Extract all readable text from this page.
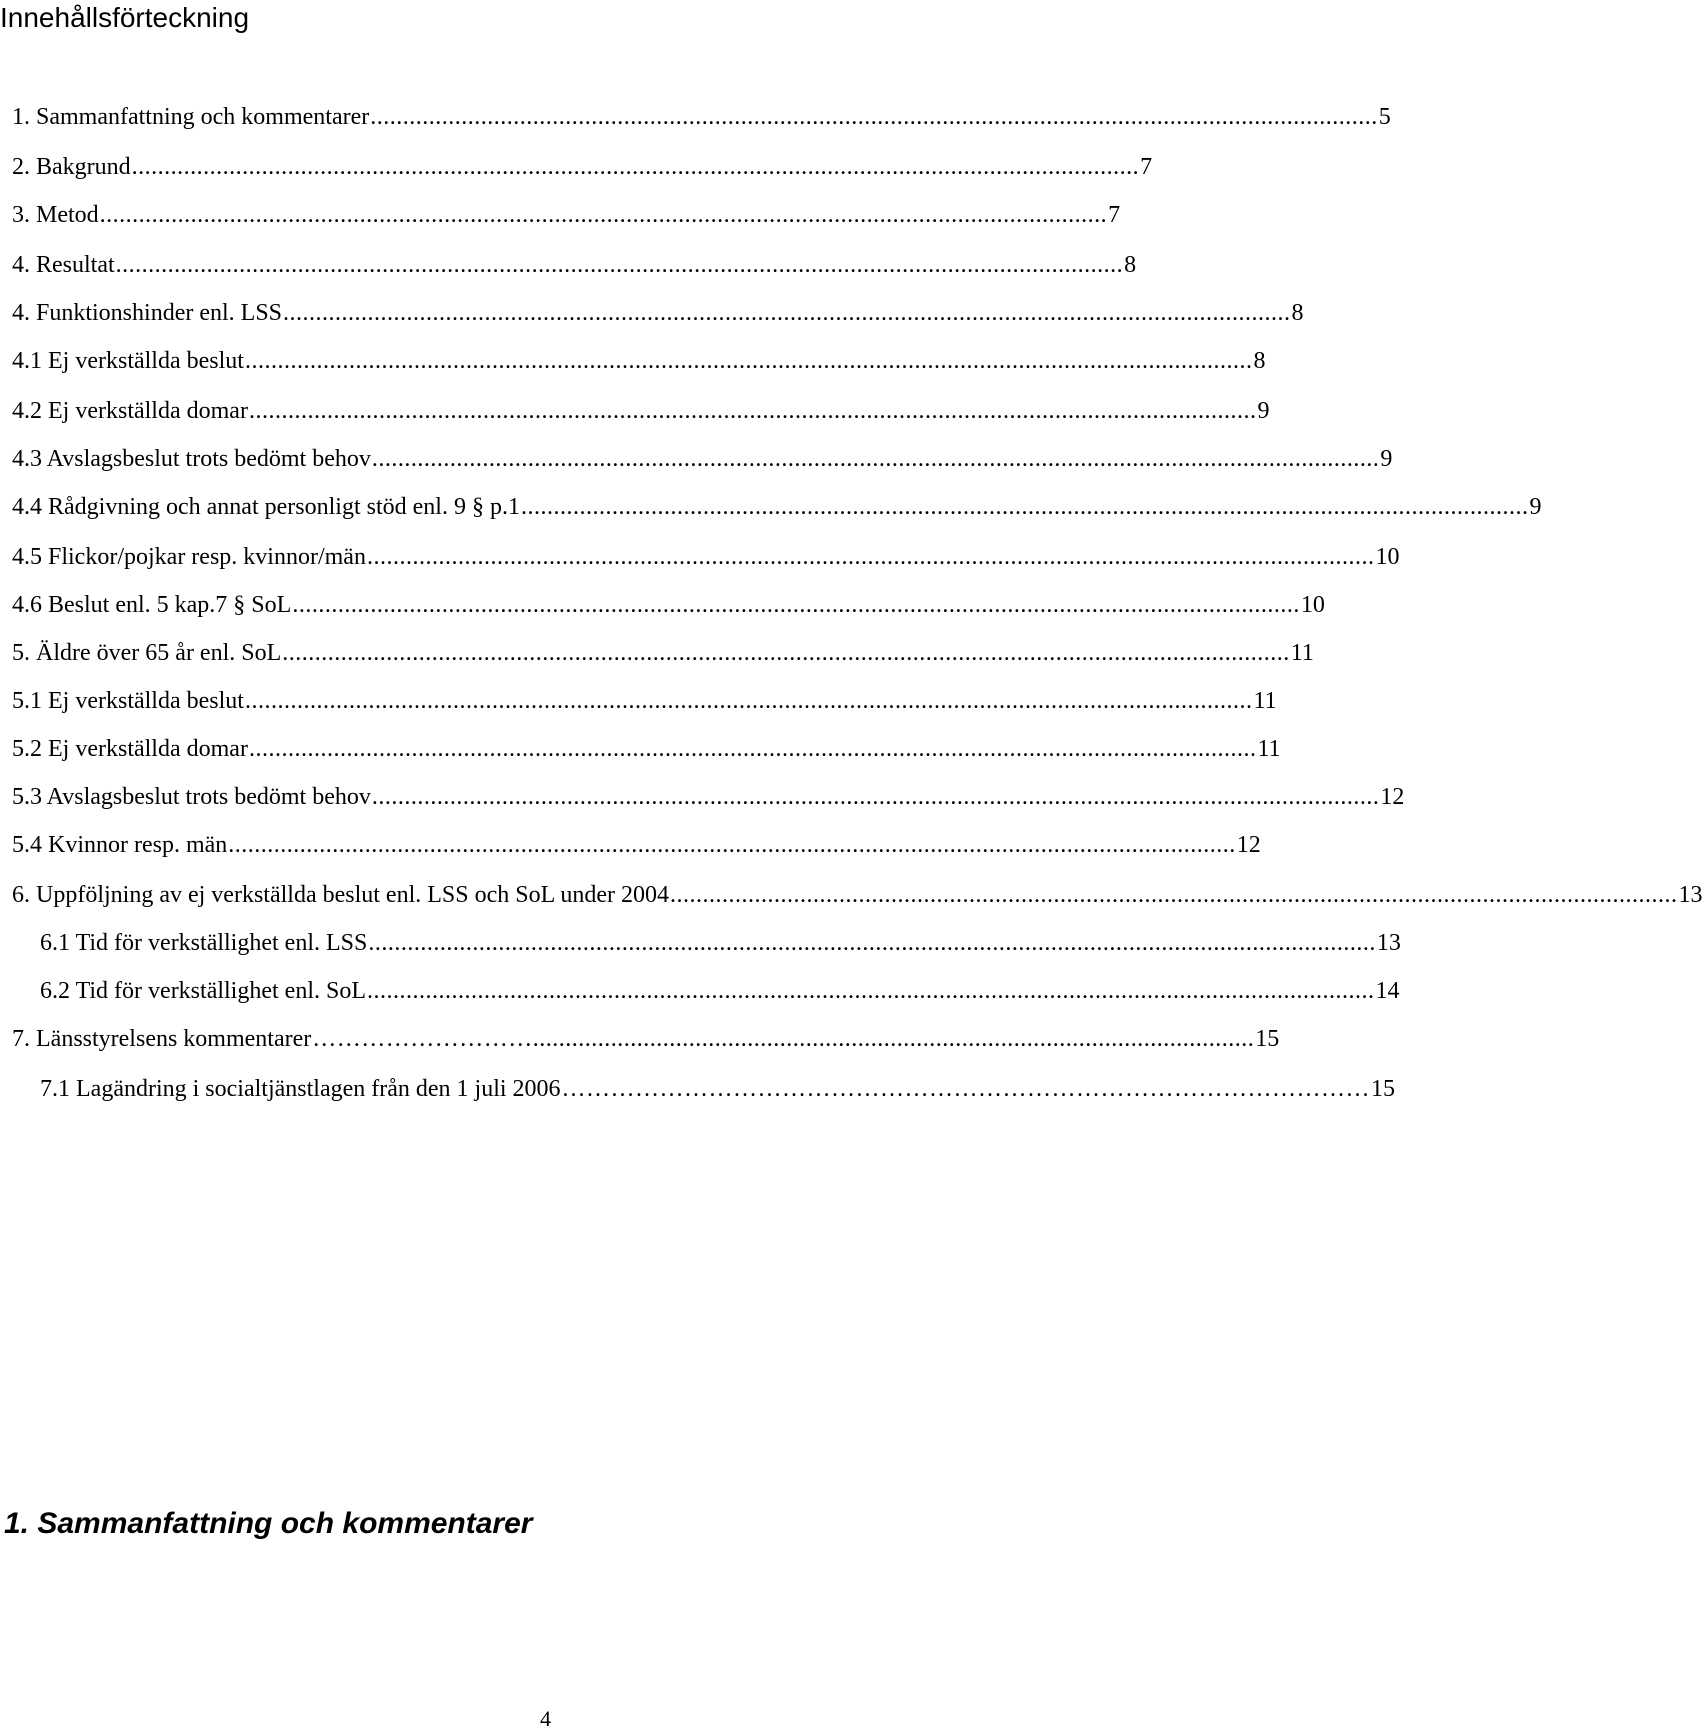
Innehållsförteckning
1. Sammanfattning och kommentarer ........................................................................................................................................................... 5
2. Bakgrund ........................................................................................................................................................... 7
3. Metod ........................................................................................................................................................... 7
4. Resultat ........................................................................................................................................................... 8
4. Funktionshinder enl. LSS ........................................................................................................................................................... 8
4.1 Ej verkställda beslut ........................................................................................................................................................... 8
4.2 Ej verkställda domar ........................................................................................................................................................... 9
4.3 Avslagsbeslut trots bedömt behov ........................................................................................................................................................... 9
4.4 Rådgivning och annat personligt stöd enl. 9 § p.1 ........................................................................................................................................................... 9
4.5 Flickor/pojkar resp. kvinnor/män ........................................................................................................................................................... 10
4.6 Beslut enl. 5 kap.7 § SoL ........................................................................................................................................................... 10
5. Äldre över 65 år enl. SoL ........................................................................................................................................................... 11
5.1 Ej verkställda beslut ........................................................................................................................................................... 11
5.2 Ej verkställda domar ........................................................................................................................................................... 11
5.3 Avslagsbeslut trots bedömt behov ........................................................................................................................................................... 12
5.4 Kvinnor resp. män ........................................................................................................................................................... 12
6. Uppföljning av ej verkställda beslut enl. LSS och SoL under 2004 ........................................................................................................................................................... 13
6.1 Tid för verkställighet enl. LSS ........................................................................................................................................................... 13
6.2 Tid för verkställighet enl. SoL ........................................................................................................................................................... 14
7. Länsstyrelsens kommentarer ………………………............................................................................................................... 15
7.1 Lagändring i socialtjänstlagen från den 1 juli 2006 ……………………………………………………………………………………… 15
1. Sammanfattning och kommentarer
4
